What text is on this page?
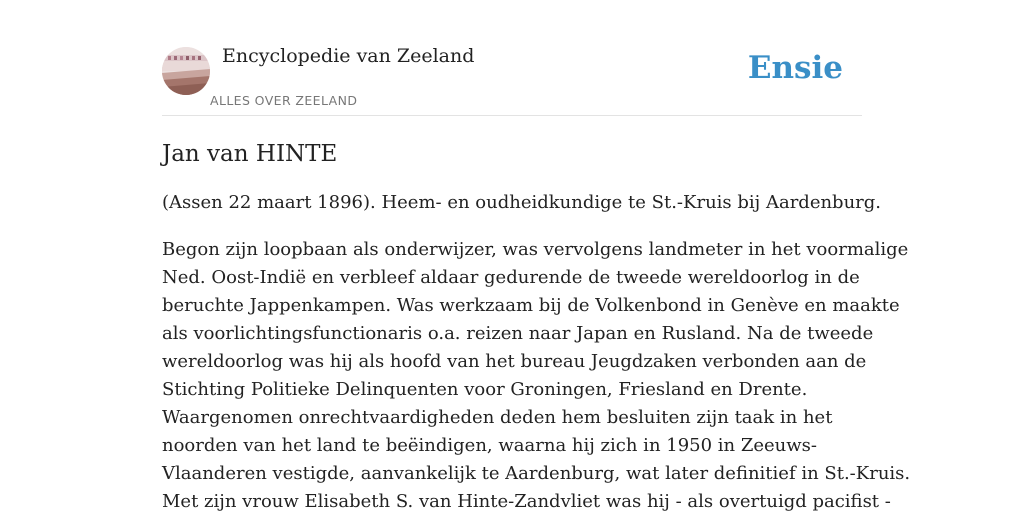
Encyclopedie van Zeeland
ALLES OVER ZEELAND
Ensie
Jan van HINTE

(Assen 22 maart 1896). Heem- en oudheidkundige te St.-Kruis bij Aardenburg.

Begon zijn loopbaan als onderwijzer, was vervolgens landmeter in het voormalige
Ned. Oost-Indië en verbleef aldaar gedurende de tweede wereldoorlog in de
beruchte Jappenkampen. Was werkzaam bij de Volkenbond in Genève en maakte
als voorlichtingsfunctionaris o.a. reizen naar Japan en Rusland. Na de tweede
wereldoorlog was hij als hoofd van het bureau Jeugdzaken verbonden aan de
Stichting Politieke Delinquenten voor Groningen, Friesland en Drente.
Waargenomen onrechtvaardigheden deden hem besluiten zijn taak in het
noorden van het land te beëindigen, waarna hij zich in 1950 in Zeeuws-
Vlaanderen vestigde, aanvankelijk te Aardenburg, wat later definitief in St.-Kruis.
Met zijn vrouw Elisabeth S. van Hinte-Zandvliet was hij - als overtuigd pacifist -
